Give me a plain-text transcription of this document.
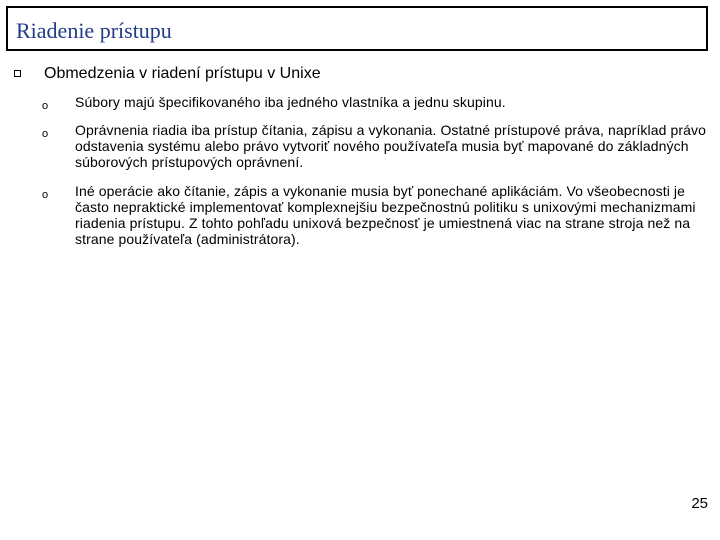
Riadenie prístupu
Obmedzenia v riadení prístupu v Unixe
o Súbory majú špecifikovaného iba jedného vlastníka a jednu skupinu.
o Oprávnenia riadia iba prístup čítania, zápisu a vykonania. Ostatné prístupové práva, napríklad právo odstavenia systému alebo právo vytvoriť nového používateľa musia byť mapované do základných súborových prístupových oprávnení.
o Iné operácie ako čítanie, zápis a vykonanie musia byť ponechané aplikáciám. Vo všeobecnosti je často nepraktické implementovať komplexnejšiu bezpečnostnú politiku s unixovými mechanizmami riadenia prístupu. Z tohto pohľadu unixová bezpečnosť je umiestnená viac na strane stroja než na strane používateľa (administrátora).
25
